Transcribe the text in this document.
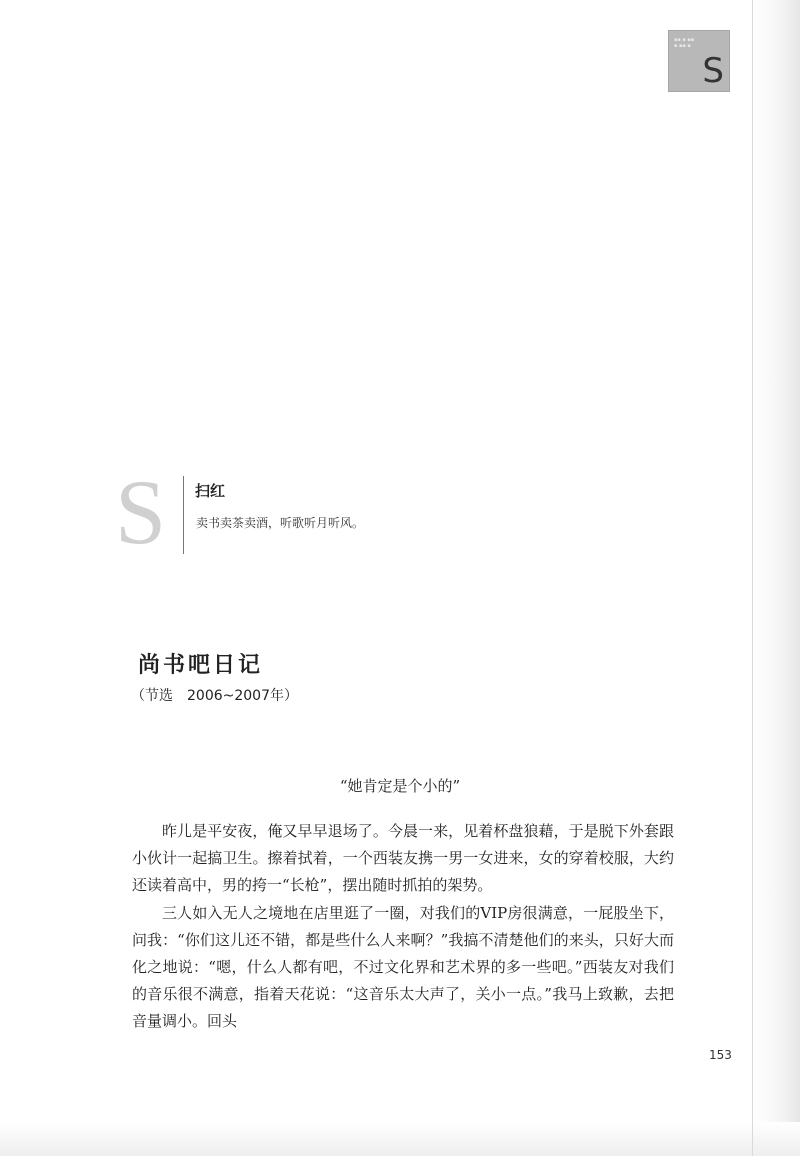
▪▪ ▪ ▪▪
▪ ▪▪ ▪
S
S 扫红
卖书卖茶卖酒，听歌听月听风。
尚书吧日记
（节选　2006~2007年）
“她肯定是个小的”

昨儿是平安夜，俺又早早退场了。今晨一来，见着杯盘狼藉，于是脱下外套跟小伙计一起搞卫生。擦着拭着，一个西装友携一男一女进来，女的穿着校服，大约还读着高中，男的挎一“长枪”，摆出随时抓拍的架势。

三人如入无人之境地在店里逛了一圈，对我们的VIP房很满意，一屁股坐下，问我：“你们这儿还不错，都是些什么人来啊？”我搞不清楚他们的来头，只好大而化之地说：“嗯，什么人都有吧，不过文化界和艺术界的多一些吧。”西装友对我们的音乐很不满意，指着天花说：“这音乐太大声了，关小一点。”我马上致歉，去把音量调小。回头

153
